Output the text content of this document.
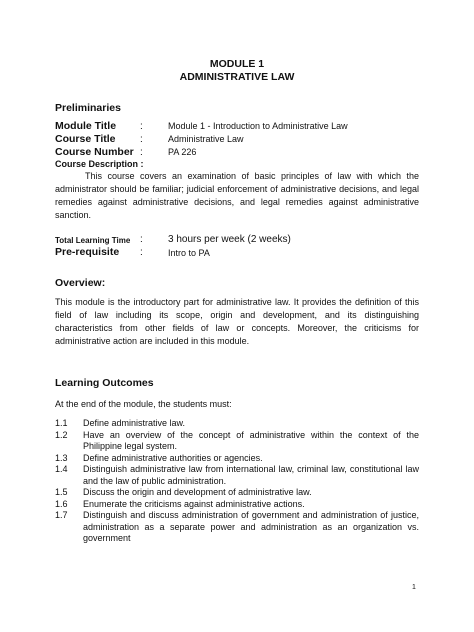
MODULE 1
ADMINISTRATIVE LAW
Preliminaries
Module Title :	Module 1 - Introduction to Administrative Law
Course Title :	Administrative Law
Course Number :	PA 226
Course Description :

This course covers an examination of basic principles of law with which the administrator should be familiar; judicial enforcement of administrative decisions, and legal remedies against administrative decisions, and legal remedies against administrative sanction.

Total Learning Time :	3 hours per week (2 weeks)
Pre-requisite :	Intro to PA
Overview:

This module is the introductory part for administrative law. It provides the definition of this field of law including its scope, origin and development, and its distinguishing characteristics from other fields of law or concepts. Moreover, the criticisms for administrative action are included in this module.

Learning Outcomes

At the end of the module, the students must:

1.1 Define administrative law.
1.2 Have an overview of the concept of administrative within the context of the Philippine legal system.
1.3 Define administrative authorities or agencies.
1.4 Distinguish administrative law from international law, criminal law, constitutional law and the law of public administration.
1.5 Discuss the origin and development of administrative law.
1.6 Enumerate the criticisms against administrative actions.
1.7 Distinguish and discuss administration of government and administration of justice, administration as a separate power and administration as an organization vs. government
1
